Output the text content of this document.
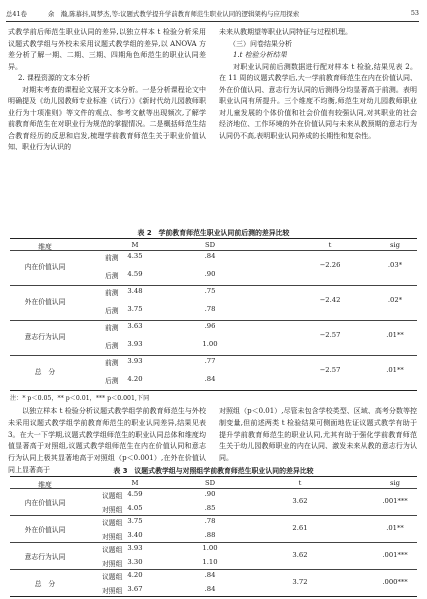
总41卷	余　瀚,陈慕抖,周梦杰,等:议题式教学提升学前教育师范生职业认同的逻辑架构与应用探索	53

式教学前后师范生职业认同的差异,以独立样本 t 检验分析采用议题式教学组与外校未采用议题式教学组的差异,以 ANOVA 方差分析了解一期、二期、三期、四期角色师范生的职业认同差异。

2. 课程资源的文本分析

对期末考查的课程论文展开文本分析。一是分析课程论文中明确提及《幼儿园教师专业标准（试行）》《新时代幼儿园教师职业行为十项准则》等文件的观点、参考文献等出现频次,了解学前教育师范生在对职业行为规范的掌握情况。二是概括师范生结合教育经历的反思和启发,梳理学前教育师范生关于职业价值认知、职业行为认识的

未来从教期望等职业认同特征与过程机理。

（三）问卷结果分析

1.t 检验分析结果

对职业认同前后测数据进行配对样本 t 检验,结果见表 2。在 11 周的议题式教学后,大一学前教育师范生在内在价值认同、外在价值认同、意志行为认同的后测得分均显著高于前测。表明职业认同有所提升。三个维度不均衡,师范生对幼儿园教师职业对儿童发展的个体价值和社会价值有较强认同,对其职业的社会经济地位、工作环境的外在价值认同与未来从教预期的意志行为认同仍不高,表明职业认同养成的长期性和复杂性。

表 2　学前教育师范生职业认同前后测的差异比较
维度	M	SD	t	sig
内在价值认同
前测 4.35	.84
后测 4.59	.90
−2.26	.03*
外在价值认同
前测 3.48	.75
后测 3.75	.78
−2.42	.02*
意志行为认同
前测 3.63	.96
后测 3.93	1.00
−2.57	.01**
总　分
前测 3.93	.77
后测 4.20	.84
−2.57	.01**
注：* p＜0.05，** p＜0.01，*** p＜0.001,下同

以独立样本 t 检验分析议题式教学组学前教育师范生与外校未采用议题式教学组学前教育师范生的职业认同差异,结果见表 3。在大一下学期,议题式教学组师范生的职业认同总体和维度均值显著高于对照组,议题式教学组师范生在内在价值认同和意志行为认同上极其显著地高于对照组（p＜0.001）,在外在价值认同上显著高于

对照组（p＜0.01）,尽管未包含学校类型、区域、高考分数等控制变量,但前述两类 t 检验结果可侧面地佐证议题式教学有助于提升学前教育师范生的职业认同,尤其有助于强化学前教育师范生关于幼儿园教师职业的内在认同、激发未来从教的意志行为认同。

表 3　议题式教学组与对照组学前教育师范生职业认同的差异比较
维度	M	SD	t	sig
内在价值认同
议题组 4.59	.90
对照组 4.05	.85
3.62	.001***
外在价值认同
议题组 3.75	.78
对照组 3.40	.88
2.61	.01**
意志行为认同
议题组 3.93	1.00
对照组 3.30	1.10
3.62	.001***
总　分
议题组 4.20	.84
对照组 3.67	.84
3.72	.000***
